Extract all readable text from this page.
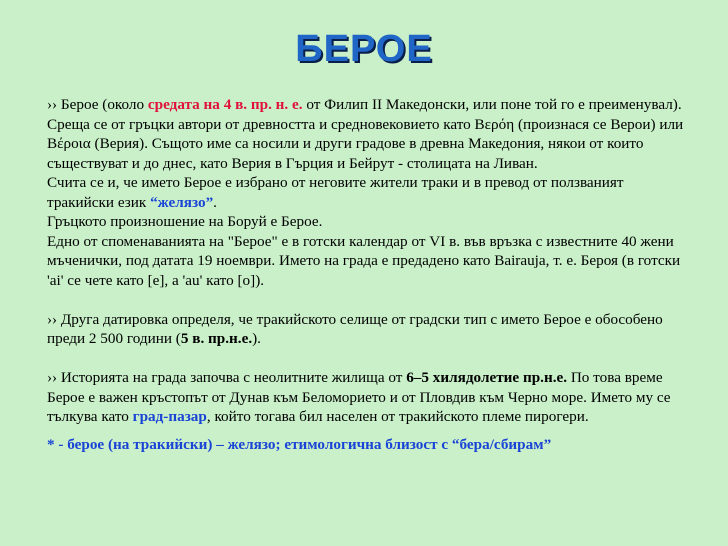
БЕРОЕ

›› Берое (около средата на 4 в. пр. н. е. от Филип II Македонски, или поне той го е преименувал). Среща се от гръцки автори от древността и средновековието като Βερόη (произнася се Верои) или Βέροια (Верия). Същото име са носили и други градове в древна Македония, някои от които съществуват и до днес, като Верия в Гърция и Бейрут - столицата на Ливан.

Счита се и, че името Берое е избрано от неговите жители траки и в превод от ползваният тракийски език “желязо”.

Гръцкото произношение на Боруй е Берое.

Едно от споменаванията на "Берое" е в готски календар от VI в. във връзка с известните 40 жени мъченички, под датата 19 ноември. Името на града е предадено като Bairauja, т. е. Бероя (в готски 'ai' се чете като [e], а 'au' като [o]).

›› Друга датировка определя, че тракийското селище от градски тип с името Берое е обособено преди 2 500 години (5 в. пр.н.е.).

›› Историята на града започва с неолитните жилища от 6–5 хилядолетие пр.н.е. По това време Берое е важен кръстопът от Дунав към Беломорието и от Пловдив към Черно море. Името му се тълкува като град-пазар, който тогава бил населен от тракийското племе пирогери.

* - берое (на тракийски) – желязо; етимологична близост с “бера/сбирам”
